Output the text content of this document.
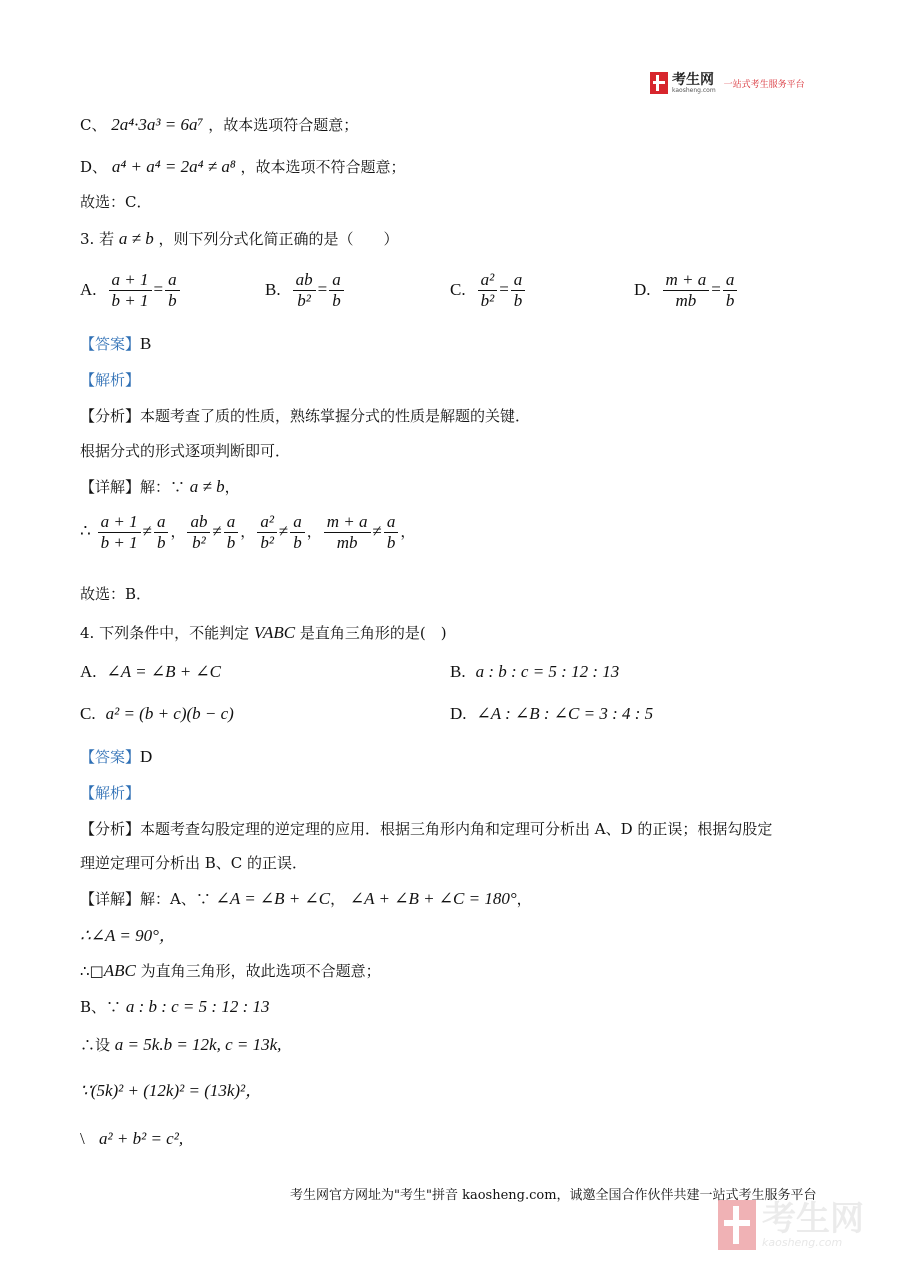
考生网
kaosheng.com
一站式考生服务平台
C、 2a⁴·3a³ = 6a⁷ ，故本选项符合题意；
D、 a⁴ + a⁴ = 2a⁴ ≠ a⁸ ，故本选项不符合题意；
故选：C．
3. 若 a ≠ b ，则下列分式化简正确的是（　　）
A. $\frac{a + 1}{b + 1} = \frac{a}{b}$	B. $\frac{ab}{\text{b²}} = \frac{a}{b}$	C. $\frac{\text{a²}}{\text{b²}} = \frac{a}{b}$	D. $\frac{m + a}{mb} = \frac{a}{b}$
【答案】B
【解析】
【分析】本题考查了质的性质，熟练掌握分式的性质是解题的关键．
根据分式的形式逐项判断即可．
【详解】解：∵ a ≠ b，
∴ $\frac{a + 1}{b + 1} \ne \frac{a}{b}$ ， $\frac{ab}{\text{b²}} \ne \frac{a}{b}$ ， $\frac{\text{a²}}{\text{b²}} \ne \frac{a}{b}$ ， $\frac{m + a}{mb} \ne \frac{a}{b}$ ，
故选：B．
4. 下列条件中，不能判定 VABC 是直角三角形的是(　)
A. ∠A = ∠B + ∠C	B. a : b : c = 5 : 12 : 13
C. a² = (b + c)(b − c)	D. ∠A : ∠B : ∠C = 3 : 4 : 5
【答案】D
【解析】
【分析】本题考查勾股定理的逆定理的应用．根据三角形内角和定理可分析出 A、D 的正误；根据勾股定
理逆定理可分析出 B、C 的正误．
【详解】解：A、∵ ∠A = ∠B + ∠C， ∠A + ∠B + ∠C = 180°，
∴∠A = 90°，
∴□ABC 为直角三角形，故此选项不合题意；
B、∵ a : b : c = 5 : 12 : 13
∴设 a = 5k.b = 12k, c = 13k,
∵(5k)² + (12k)² = (13k)²，
\ a² + b² = c²,
考生网官方网址为"考生"拼音 kaosheng.com，诚邀全国合作伙伴共建一站式考生服务平台
考生网
kaosheng.com
